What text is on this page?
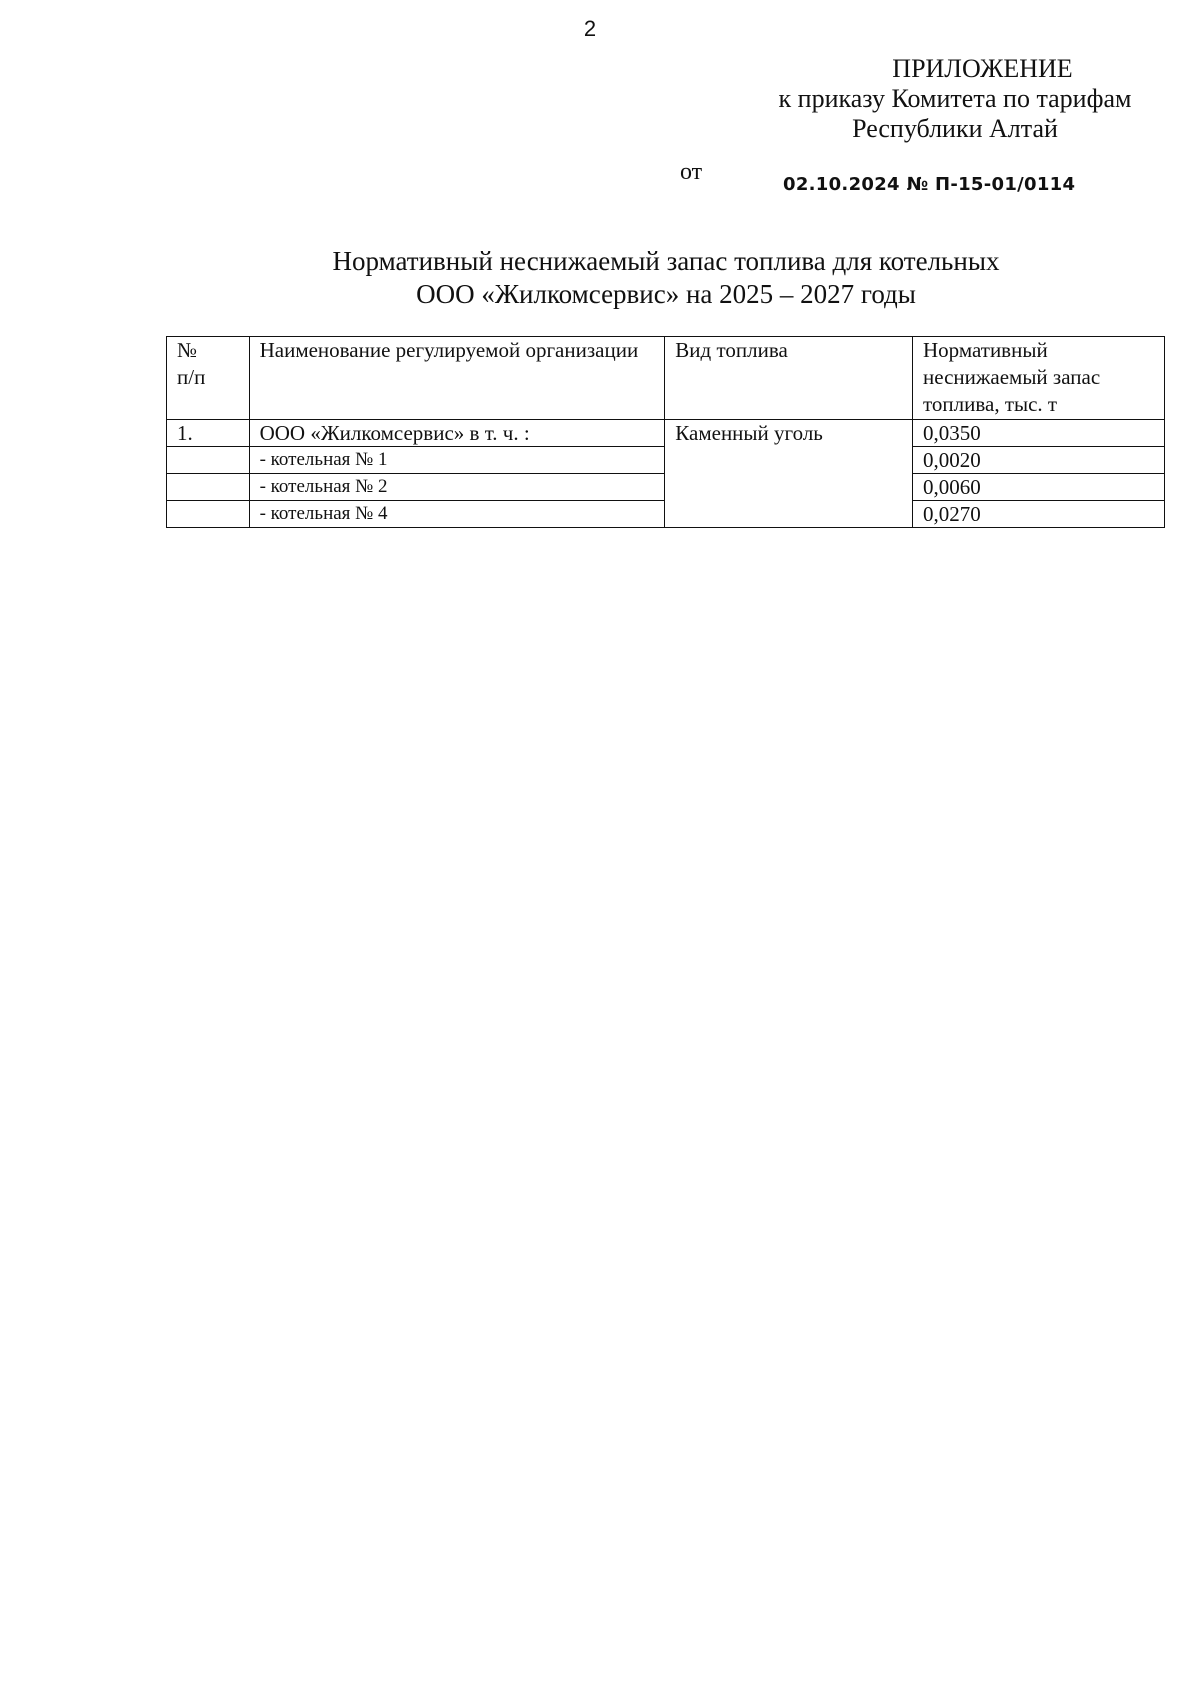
2
ПРИЛОЖЕНИЕ
к приказу Комитета по тарифам
Республики Алтай
от	02.10.2024 № П-15-01/0114
Нормативный неснижаемый запас топлива для котельных
ООО «Жилкомсервис» на 2025 – 2027 годы
№
п/п	Наименование регулируемой организации	Вид топлива	Нормативный неснижаемый запас топлива, тыс. т
1.	ООО «Жилкомсервис» в т. ч. :	Каменный уголь	0,0350
	- котельная № 1		0,0020
	- котельная № 2		0,0060
	- котельная № 4		0,0270
